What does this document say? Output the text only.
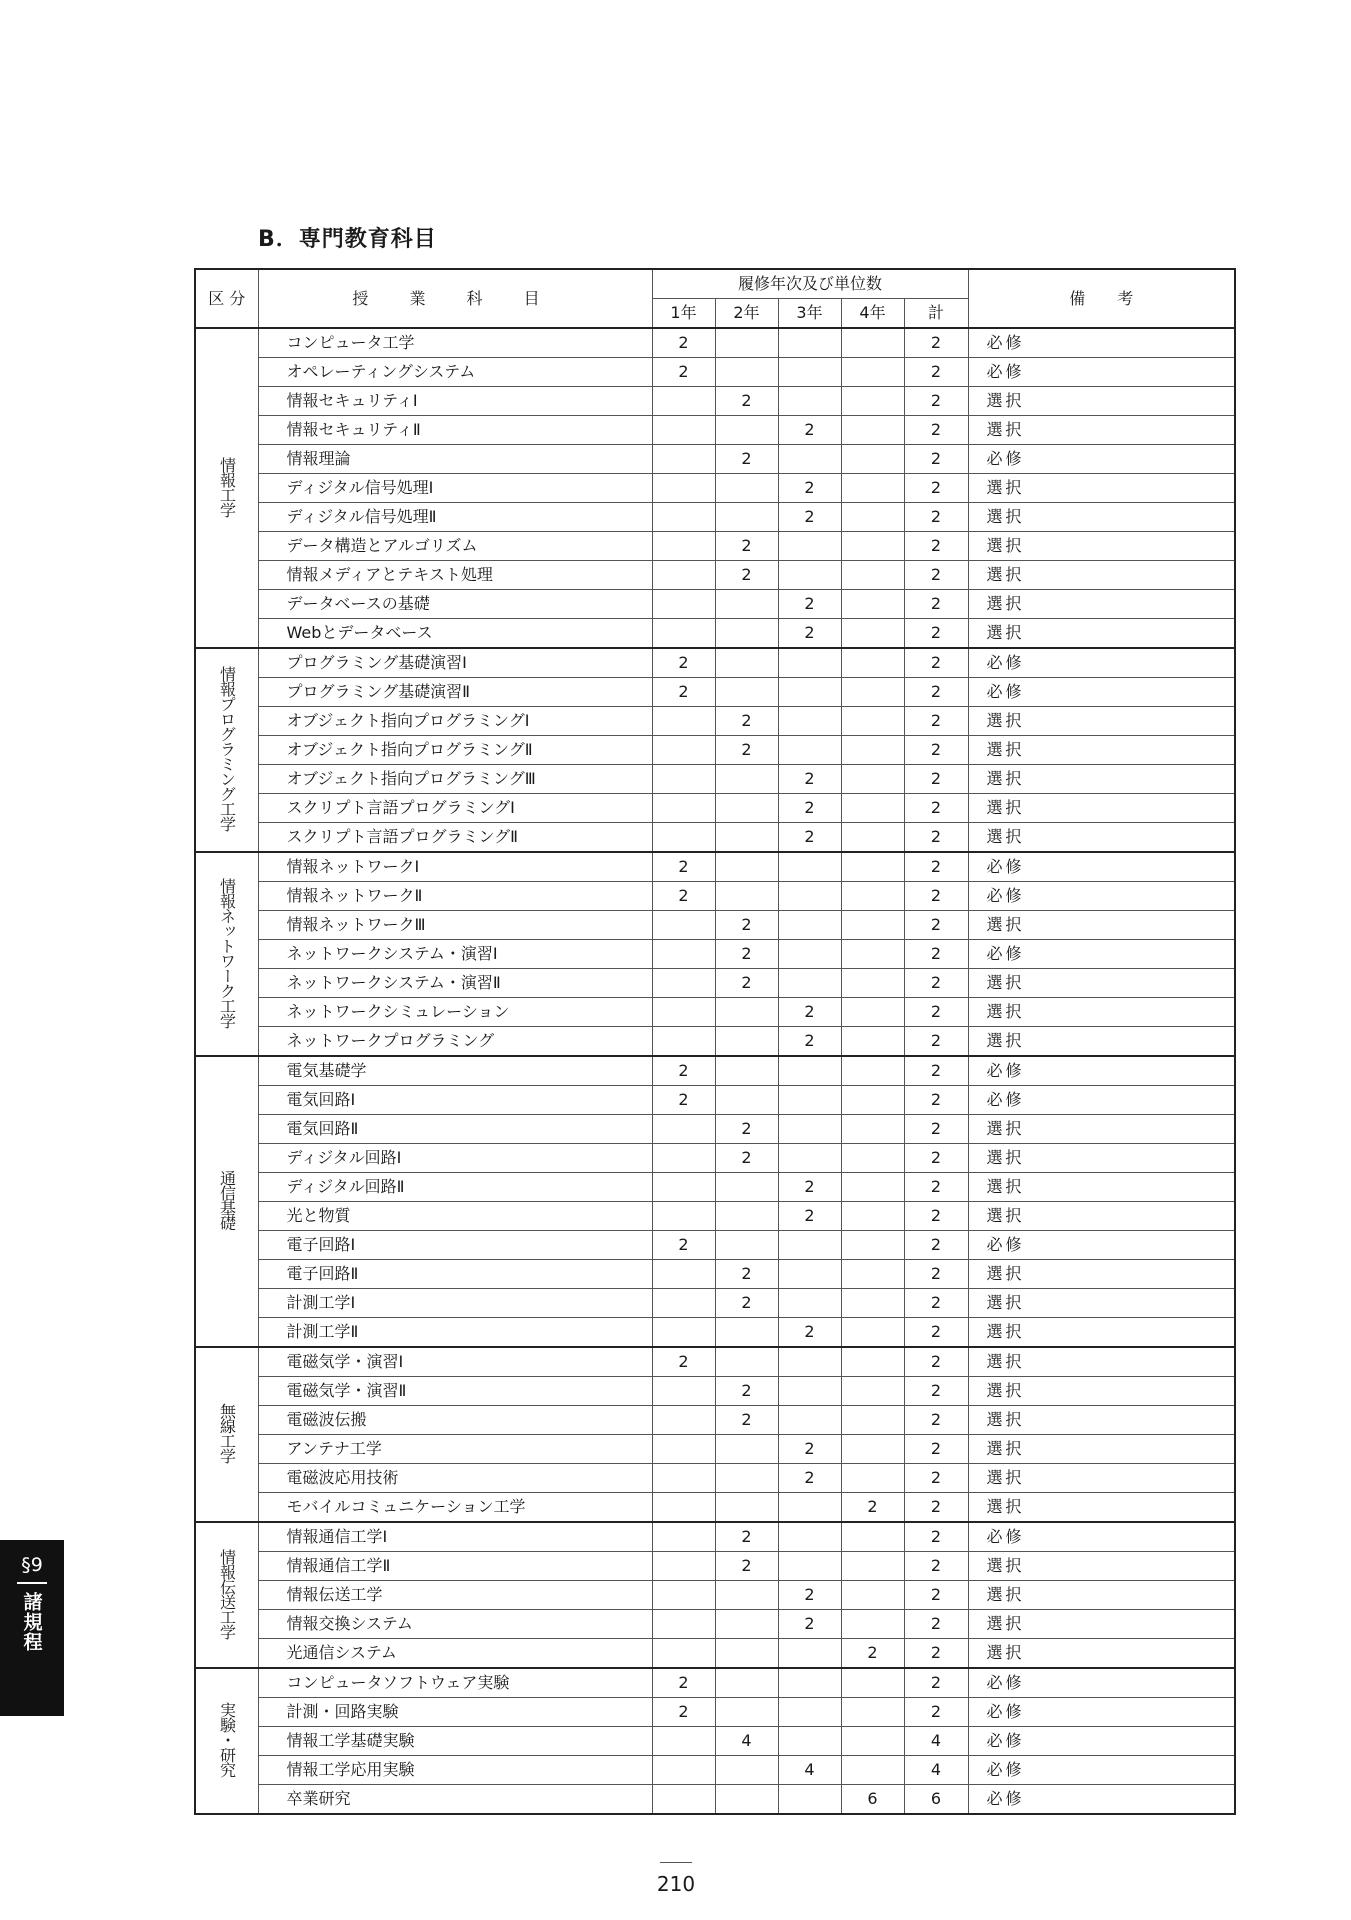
B．専門教育科目
区 分	授 業 科 目	履修年次及び単位数					備　　考
		1年	2年	3年	4年	計	
情報工学	コンピュータ工学	2				2	必修
	オペレーティングシステム	2				2	必修
	情報セキュリティⅠ		2			2	選択
	情報セキュリティⅡ			2		2	選択
	情報理論		2			2	必修
	ディジタル信号処理Ⅰ			2		2	選択
	ディジタル信号処理Ⅱ			2		2	選択
	データ構造とアルゴリズム		2			2	選択
	情報メディアとテキスト処理		2			2	選択
	データベースの基礎			2		2	選択
	Webとデータベース			2		2	選択
情報プログラミング工学	プログラミング基礎演習Ⅰ	2				2	必修
	プログラミング基礎演習Ⅱ	2				2	必修
	オブジェクト指向プログラミングⅠ		2			2	選択
	オブジェクト指向プログラミングⅡ		2			2	選択
	オブジェクト指向プログラミングⅢ			2		2	選択
	スクリプト言語プログラミングⅠ			2		2	選択
	スクリプト言語プログラミングⅡ			2		2	選択
情報ネットワーク工学	情報ネットワークⅠ	2				2	必修
	情報ネットワークⅡ	2				2	必修
	情報ネットワークⅢ		2			2	選択
	ネットワークシステム・演習Ⅰ		2			2	必修
	ネットワークシステム・演習Ⅱ		2			2	選択
	ネットワークシミュレーション			2		2	選択
	ネットワークプログラミング			2		2	選択
通信基礎	電気基礎学	2				2	必修
	電気回路Ⅰ	2				2	必修
	電気回路Ⅱ		2			2	選択
	ディジタル回路Ⅰ		2			2	選択
	ディジタル回路Ⅱ			2		2	選択
	光と物質			2		2	選択
	電子回路Ⅰ	2				2	必修
	電子回路Ⅱ		2			2	選択
	計測工学Ⅰ		2			2	選択
	計測工学Ⅱ			2		2	選択
無線工学	電磁気学・演習Ⅰ	2				2	選択
	電磁気学・演習Ⅱ		2			2	選択
	電磁波伝搬		2			2	選択
	アンテナ工学			2		2	選択
	電磁波応用技術			2		2	選択
	モバイルコミュニケーション工学				2	2	選択
情報伝送工学	情報通信工学Ⅰ		2			2	必修
	情報通信工学Ⅱ		2			2	選択
	情報伝送工学			2		2	選択
	情報交換システム			2		2	選択
	光通信システム				2	2	選択
実験・研究	コンピュータソフトウェア実験	2				2	必修
	計測・回路実験	2				2	必修
	情報工学基礎実験		4			4	必修
	情報工学応用実験			4		4	必修
	卒業研究				6	6	必修
§9
諸規程
210
